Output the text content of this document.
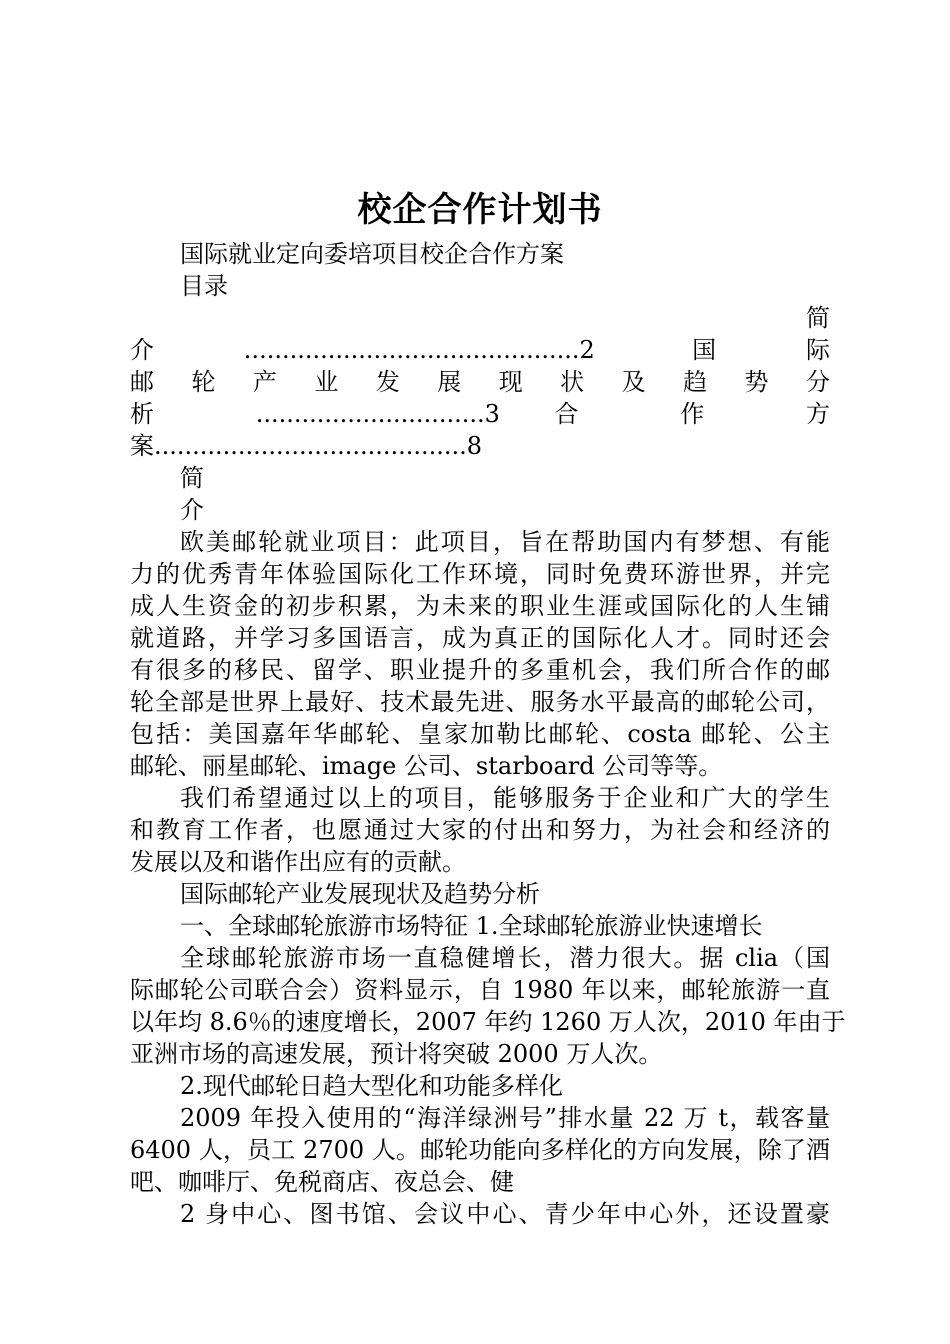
校企合作计划书
国际就业定向委培项目校企合作方案
目录
简
介............................................2 国际
邮 轮 产 业 发 展 现 状 及 趋 势 分
析 ..............................3 合 作 方
案.........................................8
简
介
欧美邮轮就业项目：此项目，旨在帮助国内有梦想、有能
力的优秀青年体验国际化工作环境，同时免费环游世界，并完
成人生资金的初步积累，为未来的职业生涯或国际化的人生铺
就道路，并学习多国语言，成为真正的国际化人才。同时还会
有很多的移民、留学、职业提升的多重机会，我们所合作的邮
轮全部是世界上最好、技术最先进、服务水平最高的邮轮公司，
包括：美国嘉年华邮轮、皇家加勒比邮轮、costa 邮轮、公主
邮轮、丽星邮轮、image 公司、starboard 公司等等。
我们希望通过以上的项目，能够服务于企业和广大的学生
和教育工作者，也愿通过大家的付出和努力，为社会和经济的
发展以及和谐作出应有的贡献。
国际邮轮产业发展现状及趋势分析
一、全球邮轮旅游市场特征 1.全球邮轮旅游业快速增长
全球邮轮旅游市场一直稳健增长，潜力很大。据 clia（国
际邮轮公司联合会）资料显示，自 1980 年以来，邮轮旅游一直
以年均 8.6％的速度增长，2007 年约 1260 万人次，2010 年由于
亚洲市场的高速发展，预计将突破 2000 万人次。
2.现代邮轮日趋大型化和功能多样化
2009 年投入使用的“海洋绿洲号”排水量 22 万 t，载客量
6400 人，员工 2700 人。邮轮功能向多样化的方向发展，除了酒
吧、咖啡厅、免税商店、夜总会、健
2 身中心、图书馆、会议中心、青少年中心外，还设置豪
